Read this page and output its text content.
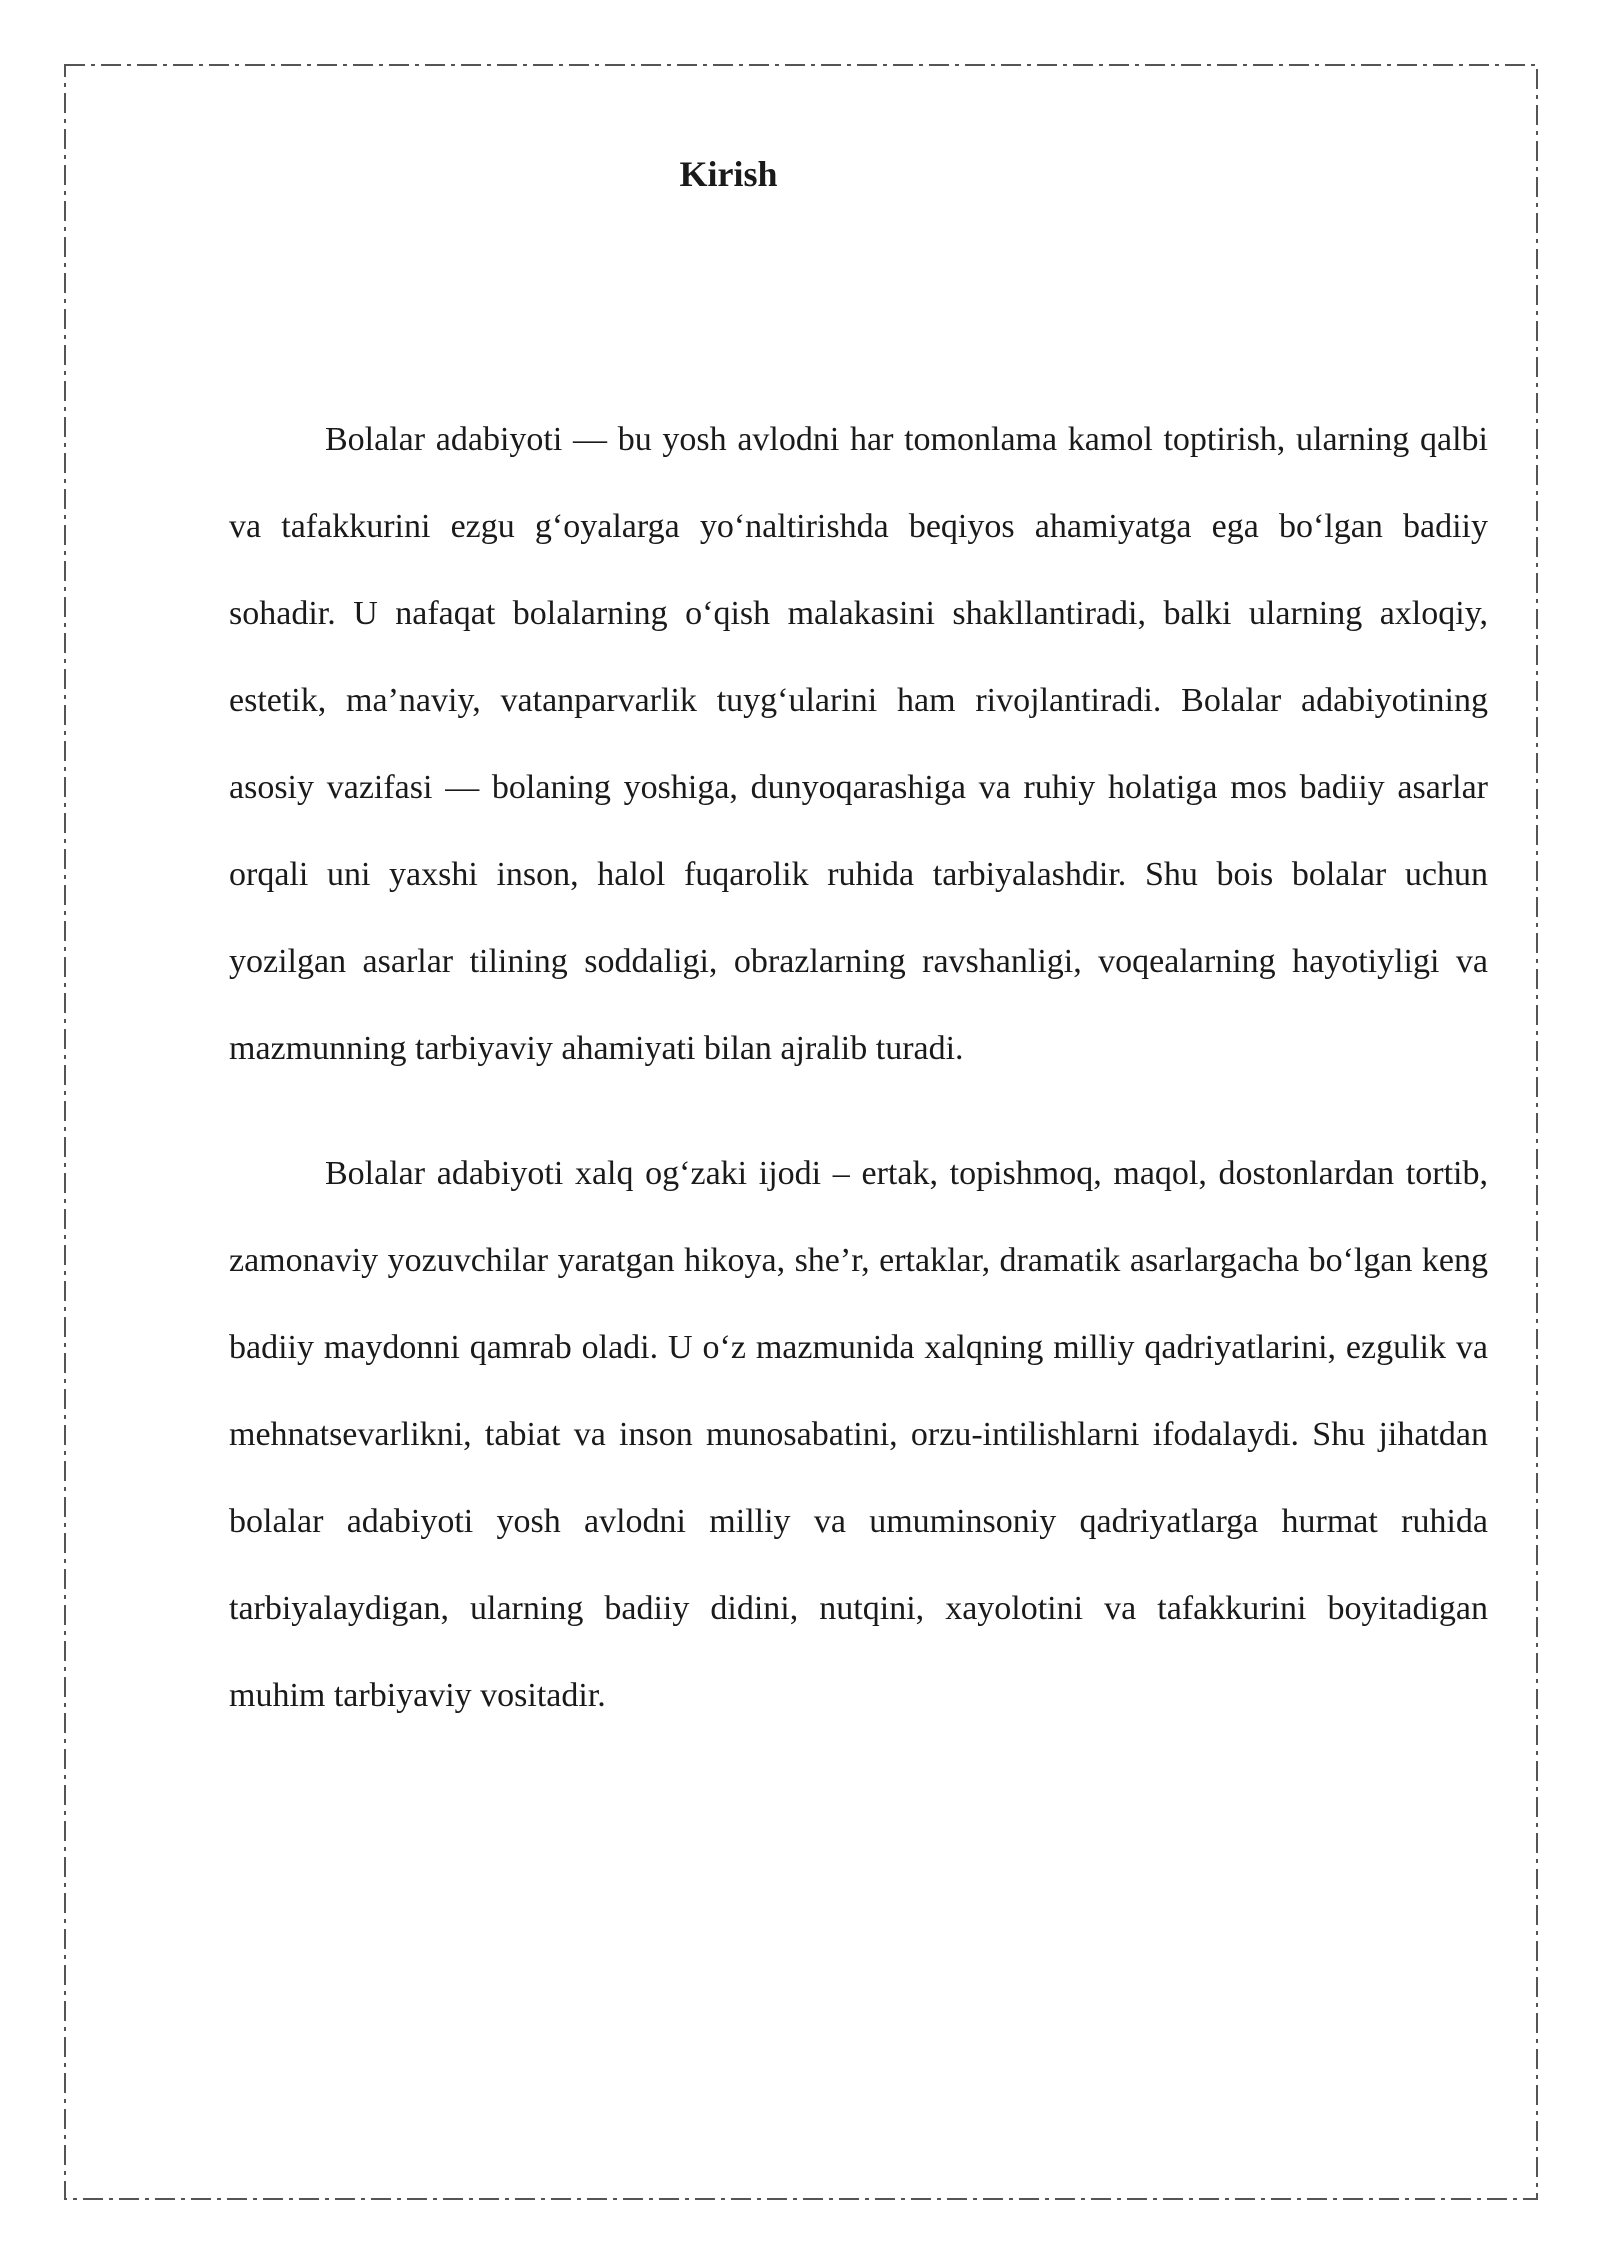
Kirish

Bolalar adabiyoti — bu yosh avlodni har tomonlama kamol toptirish, ularning qalbi va tafakkurini ezgu g‘oyalarga yo‘naltirishda beqiyos ahamiyatga ega bo‘lgan badiiy sohadir. U nafaqat bolalarning o‘qish malakasini shakllantiradi, balki ularning axloqiy, estetik, ma’naviy, vatanparvarlik tuyg‘ularini ham rivojlantiradi. Bolalar adabiyotining asosiy vazifasi — bolaning yoshiga, dunyoqarashiga va ruhiy holatiga mos badiiy asarlar orqali uni yaxshi inson, halol fuqarolik ruhida tarbiyalashdir. Shu bois bolalar uchun yozilgan asarlar tilining soddaligi, obrazlarning ravshanligi, voqealarning hayotiyligi va mazmunning tarbiyaviy ahamiyati bilan ajralib turadi.

Bolalar adabiyoti xalq og‘zaki ijodi – ertak, topishmoq, maqol, dostonlardan tortib, zamonaviy yozuvchilar yaratgan hikoya, she’r, ertaklar, dramatik asarlargacha bo‘lgan keng badiiy maydonni qamrab oladi. U o‘z mazmunida xalqning milliy qadriyatlarini, ezgulik va mehnatsevarlikni, tabiat va inson munosabatini, orzu-intilishlarni ifodalaydi. Shu jihatdan bolalar adabiyoti yosh avlodni milliy va umuminsoniy qadriyatlarga hurmat ruhida tarbiyalaydigan, ularning badiiy didini, nutqini, xayolotini va tafakkurini boyitadigan muhim tarbiyaviy vositadir.
